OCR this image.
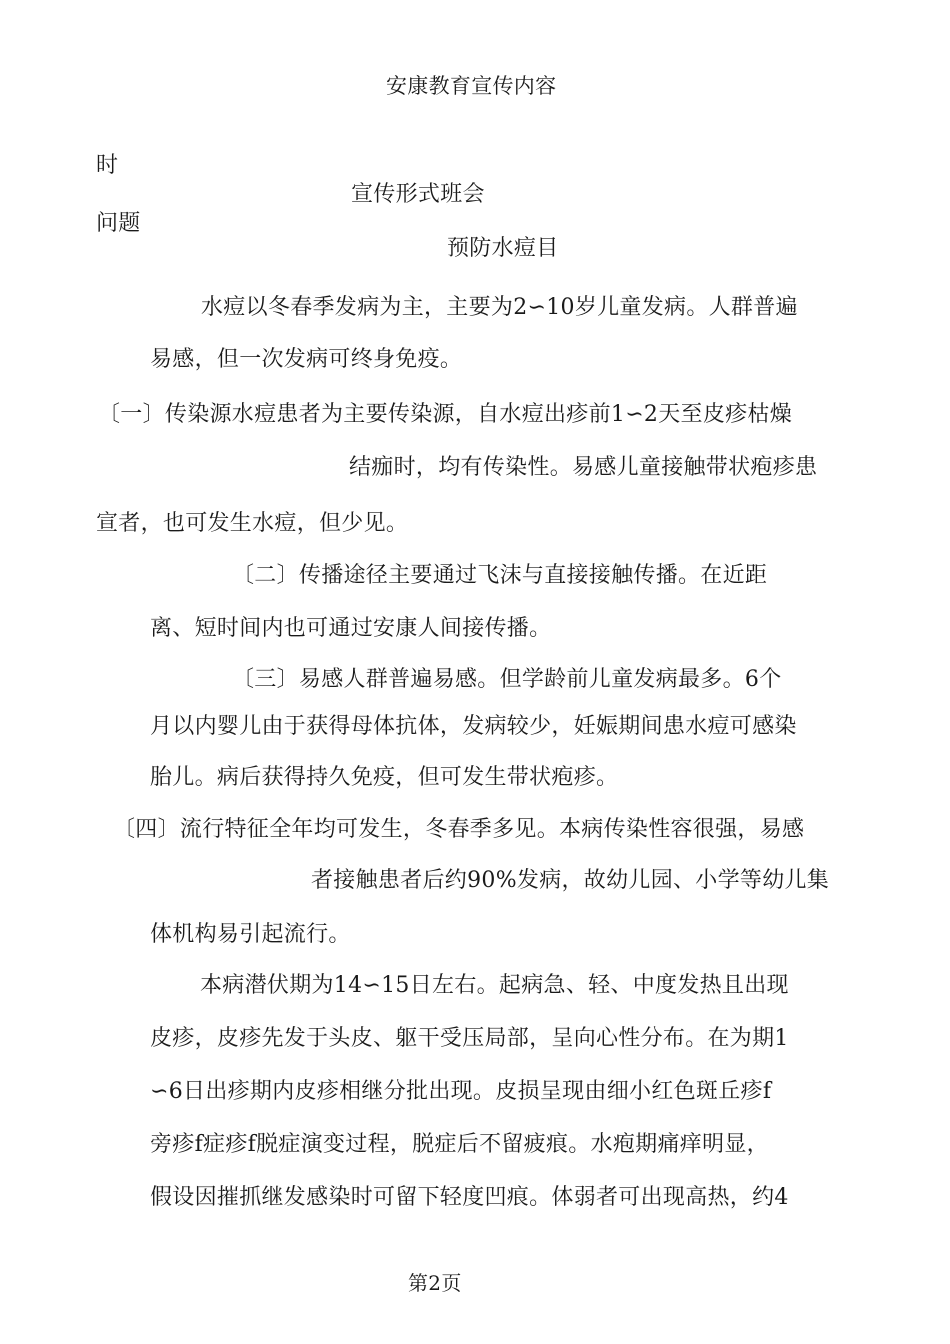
安康教育宣传内容
时
宣传形式班会
问题
预防水痘目
水痘以冬春季发病为主，主要为2∽10岁儿童发病。人群普遍
易感，但一次发病可终身免疫。
〔一〕传染源水痘患者为主要传染源，自水痘出疹前1∽2天至皮疹枯燥
结痂时，均有传染性。易感儿童接触带状疱疹患
宣者，也可发生水痘，但少见。
〔二〕传播途径主要通过飞沫与直接接触传播。在近距
离、短时间内也可通过安康人间接传播。
〔三〕易感人群普遍易感。但学龄前儿童发病最多。6个
月以内婴儿由于获得母体抗体，发病较少，妊娠期间患水痘可感染
胎儿。病后获得持久免疫，但可发生带状疱疹。
〔四〕流行特征全年均可发生，冬春季多见。本病传染性容很强，易感
者接触患者后约90%发病，故幼儿园、小学等幼儿集
体机构易引起流行。
本病潜伏期为14∽15日左右。起病急、轻、中度发热且出现
皮疹，皮疹先发于头皮、躯干受压局部，呈向心性分布。在为期1
∽6日出疹期内皮疹相继分批出现。皮损呈现由细小红色斑丘疹f
旁疹f症疹f脱症演变过程，脱症后不留疲痕。水疱期痛痒明显，
假设因摧抓继发感染时可留下轻度凹痕。体弱者可出现高热，约4
第2页
